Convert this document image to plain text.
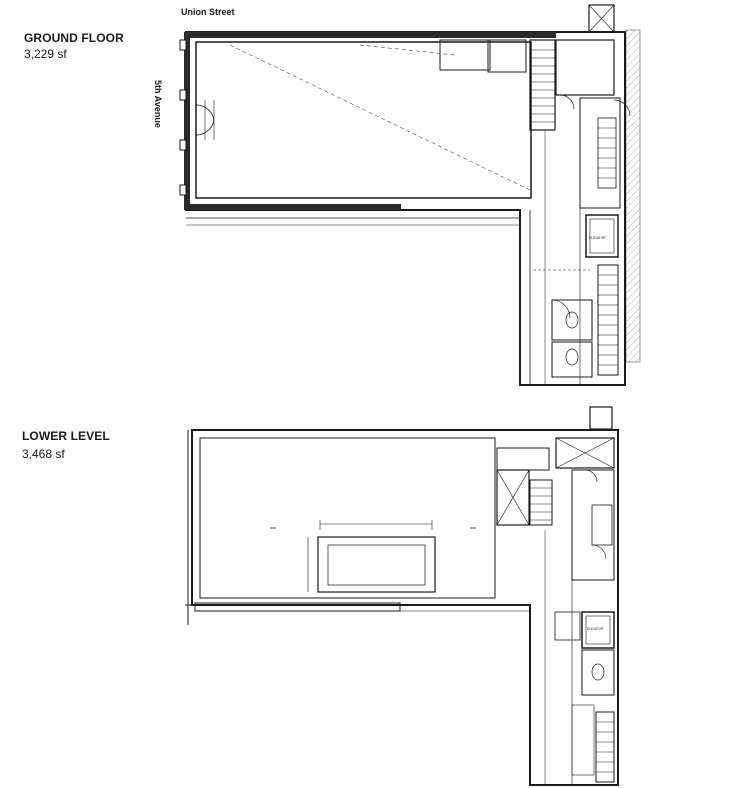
GROUND FLOOR
3,229 sf
Union Street
5th Avenue
LOWER LEVEL
3,468 sf
ELEVATOR
ELEVATOR
